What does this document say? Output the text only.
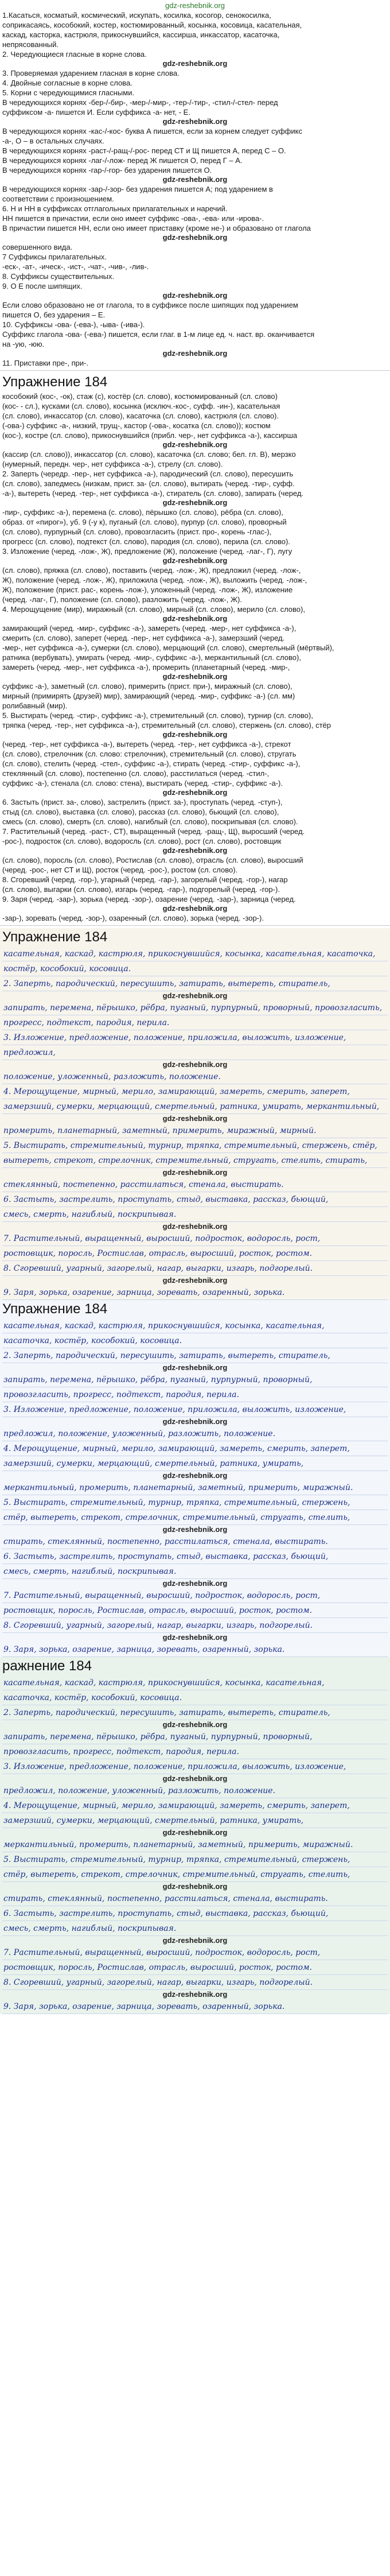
gdz-reshebnik.org

1.Касаться, косматый, космический, искупать, косилка, косогор, сенокосилка,

соприкасаясь, кособокий, костер, костюмированный, косынка, косовица, касательная,

каскад, касторка, кастрюля, прикоснувшийся, кассирша, инкассатор, касаточка,

непрясованный.

2. Чередующиеся гласные в корне слова.

gdz-reshebnik.org

3. Проверяемая ударением гласная в корне слова.

4. Двойные согласные в корне слова.

5. Корни с чередующимися гласными.

В чередующихся корнях -бер-/-бир-, -мер-/-мир-, -тер-/-тир-, -стил-/-стел- перед

суффиксом -а- пишется И. Если суффикса -а- нет, - Е.

gdz-reshebnik.org

В чередующихся корнях -кас-/-кос- буква А пишется, если за корнем следует суффикс

-а-, О – в остальных случаях.

В чередующихся корнях -раст-/-ращ-/-рос- перед СТ и Щ пишется А, перед С – О.

В чередующихся корнях -лаг-/-лож- перед Ж пишется О, перед Г – А.

В чередующихся корнях -гар-/-гор- без ударения пишется О.

gdz-reshebnik.org

В чередующихся корнях -зар-/-зор- без ударения пишется А; под ударением в

соответствии с произношением.

6. Н и НН в суффиксах отглагольных прилагательных и наречий.

НН пишется в причастии, если оно имеет суффикс -ова-, -ева- или -ирова-.

В причастии пишется НН, если оно имеет приставку (кроме не-) и образовано от глагола

gdz-reshebnik.org

совершенного вида.

7 Суффиксы прилагательных.

-еск-, -ат-, -ическ-, -ист-, -чат-, -чив-, -лив-.

8. Суффиксы существительных.

9. О Е после шипящих.

gdz-reshebnik.org

Если слово образовано не от глагола, то в суффиксе после шипящих под ударением

пишется О, без ударения – Е.

10. Суффиксы -ова- (-ева-), -ыва- (-ива-).

Суффикс глагола -ова- (-ева-) пишется, если глаг. в 1-м лице ед. ч. наст. вр. оканчивается

на -ую, -юю.

gdz-reshebnik.org

11. Приставки пре-, при-.

Упражнение 184

кособокий (кос-, -ок), стаж (с), костёр (сл. слово), костюмированный (сл. слово)

(кос- - сл.), кусками (сл. слово), косынка (исключ.-кос-, суфф. -ин-), касательная

(сл. слово), инкассатор (сл. слово), касаточка (сл. слово), кастрюля (сл. слово).

(-ова-) суффикс -а-, низкий, трущ-, кастор (-ова-, косатка (сл. слово)); костюм

(кос-), костре (сл. слово), прикоснувшийся (прибл. чер-, нет суффикса -а-), кассирша

gdz-reshebnik.org

(кассир (сл. слово)), инкассатор (сл. слово), касаточка (сл. слово; бел. гл. В), мерзко

(нумерный, передн. чер-, нет суффикса -а-), стрелу (сл. слово).

2. Заперть (чередр. -пер-, нет суффикса -а-), пародический (сл. слово), пересушить

(сл. слово), запедмесь (низкам, прист. за- (сл. слово), вытирать (черед. -тир-, суфф.

-а-), вытереть (черед. -тер-, нет суффикса -а-), стиратель (сл. слово), запирать (черед.

gdz-reshebnik.org

-пир-, суффикс -а-), перемена (с. слово), пёрышко (сл. слово), рёбра (сл. слово),

образ. от «пирог»), уб. 9 (-у к), пуганый (сл. слово), пурпур (сл. слово), проворный

(сл. слово), пурпурный (сл. слово), провозгласить (прист. про-, корень -глас-),

прогресс (сл. слово), подтекст (сл. слово), пародия (сл. слово), перила (сл. слово).

3. Изложение (черед. -лож-, Ж), предложение (Ж), положение (черед. -лаг-, Г), лугу

gdz-reshebnik.org

(сл. слово), пряжка (сл. слово), поставить (черед. -лож-, Ж), предложил (черед. -лож-,

Ж), положение (черед. -лож-, Ж), приложила (черед. -лож-, Ж), выложить (черед. -лож-,

Ж), положение (прист. рас-, корень -лож-), уложенный (черед. -лож-, Ж), изложение

(черед. -лаг-, Г), положение (сл. слово), разложить (черед. -лож-, Ж).

4. Мерощущение (мир), миражный (сл. слово), мирный (сл. слово), мерило (сл. слово),

gdz-reshebnik.org

замирающий (черед. -мир-, суффикс -а-), замереть (черед. -мер-, нет суффикса -а-),

смерить (сл. слово), заперет (черед. -пер-, нет суффикса -а-), замерзший (черед.

-мер-, нет суффикса -а-), сумерки (сл. слово), мерцающий (сл. слово), смертельный (мёртвый),

ратника (вербувать), умирать (черед. -мир-, суффикс -а-), меркантильный (сл. слово),

замереть (черед. -мер-, нет суффикса -а-), промерить (планетарный (черед. -мир-,

gdz-reshebnik.org

суффикс -а-), заметный (сл. слово), примерить (прист. при-), миражный (сл. слово),

мирный (примирять (друзей) мир), замирающий (черед. -мир-, суффикс -а-) (сл. мм)

ролибавный (мир).

5. Выстирать (черед. -стир-, суффикс -а-), стремительный (сл. слово), турнир (сл. слово),

тряпка (черед. -тер-, нет суффикса -а-), стремительный (сл. слово), стержень (сл. слово), стёр

gdz-reshebnik.org

(черед. -тер-, нет суффикса -а-), вытереть (черед. -тер-, нет суффикса -а-), стрекот

(сл. слово), стрелочник (сл. слово: стрелочник), стремительный (сл. слово), стругать

(сл. слово), стелить (черед. -стел-, суффикс -а-), стирать (черед. -стир-, суффикс -а-),

стеклянный (сл. слово), постепенно (сл. слово), расстилаться (черед. -стил-,

суффикс -а-), стенала (сл. слово: стена), выстирать (черед. -стир-, суффикс -а-).

gdz-reshebnik.org

6. Застыть (прист. за-, слово), застрелить (прист. за-), проступать (черед. -ступ-),

стыд (сл. слово), выставка (сл. слово), рассказ (сл. слово), бьющий (сл. слово),

смесь (сл. слово), смерть (сл. слово), нагиблый (сл. слово), поскрипывая (сл. слово).

7. Растительный (черед. -раст-, СТ), выращенный (черед. -ращ-, Щ), выросший (черед.

-рос-), подросток (сл. слово), водоросль (сл. слово), рост (сл. слово), ростовщик

gdz-reshebnik.org

(сл. слово), поросль (сл. слово), Ростислав (сл. слово), отрасль (сл. слово), выросший

(черед. -рос-, нет СТ и Щ), росток (черед. -рос-), ростом (сл. слово).

8. Сгоревший (черед. -гор-), угарный (черед. -гар-), загорелый (черед. -гор-), нагар

(сл. слово), выгарки (сл. слово), изгарь (черед. -гар-), подгорелый (черед. -гор-).

9. Заря (черед. -зар-), зорька (черед. -зор-), озарение (черед. -зар-), зарница (черед.

gdz-reshebnik.org

-зар-), зоревать (черед. -зор-), озаренный (сл. слово), зорька (черед. -зор-).

Упражнение 184

касательная, каскад, кастрюля, прикоснувшийся, косынка, касательная, касаточка,

костёр, кособокий, косовица.

2. Заперть, пародический, пересушить, затирать, вытереть, стиратель,

gdz-reshebnik.org

запирать, перемена, пёрышко, рёбра, пуганый, пурпурный, проворный, провозгласить,

прогресс, подтекст, пародия, перила.

3. Изложение, предложение, положение, приложила, выложить, изложение, предложил,

gdz-reshebnik.org

положение, уложенный, разложить, положение.

4. Мерощущение, мирный, мерило, замирающий, замереть, смерить, заперет,

замерзший, сумерки, мерцающий, смертельный, ратника, умирать, меркантильный,

gdz-reshebnik.org

промерить, планетарный, заметный, примерить, миражный, мирный.

5. Выстирать, стремительный, турнир, тряпка, стремительный, стержень, стёр,

вытереть, стрекот, стрелочник, стремительный, стругать, стелить, стирать,

gdz-reshebnik.org

стеклянный, постепенно, расстилаться, стенала, выстирать.

6. Застыть, застрелить, проступать, стыд, выставка, рассказ, бьющий,

смесь, смерть, нагиблый, поскрипывая.

gdz-reshebnik.org

7. Растительный, выращенный, выросший, подросток, водоросль, рост,

ростовщик, поросль, Ростислав, отрасль, выросший, росток, ростом.

8. Сгоревший, угарный, загорелый, нагар, выгарки, изгарь, подгорелый.

gdz-reshebnik.org

9. Заря, зорька, озарение, зарница, зоревать, озаренный, зорька.

Упражнение 184

касательная, каскад, кастрюля, прикоснувшийся, косынка, касательная,

касаточка, костёр, кособокий, косовица.

2. Заперть, пародический, пересушить, затирать, вытереть, стиратель,

gdz-reshebnik.org

запирать, перемена, пёрышко, рёбра, пуганый, пурпурный, проворный,

провозгласить, прогресс, подтекст, пародия, перила.

3. Изложение, предложение, положение, приложила, выложить, изложение,

gdz-reshebnik.org

предложил, положение, уложенный, разложить, положение.

4. Мерощущение, мирный, мерило, замирающий, замереть, смерить, заперет,

замерзший, сумерки, мерцающий, смертельный, ратника, умирать,

gdz-reshebnik.org

меркантильный, промерить, планетарный, заметный, примерить, миражный.

5. Выстирать, стремительный, турнир, тряпка, стремительный, стержень,

стёр, вытереть, стрекот, стрелочник, стремительный, стругать, стелить,

gdz-reshebnik.org

стирать, стеклянный, постепенно, расстилаться, стенала, выстирать.

6. Застыть, застрелить, проступать, стыд, выставка, рассказ, бьющий,

смесь, смерть, нагиблый, поскрипывая.

gdz-reshebnik.org

7. Растительный, выращенный, выросший, подросток, водоросль, рост,

ростовщик, поросль, Ростислав, отрасль, выросший, росток, ростом.

8. Сгоревший, угарный, загорелый, нагар, выгарки, изгарь, подгорелый.

gdz-reshebnik.org

9. Заря, зорька, озарение, зарница, зоревать, озаренный, зорька.

ражнение 184

касательная, каскад, кастрюля, прикоснувшийся, косынка, касательная,

касаточка, костёр, кособокий, косовица.

2. Заперть, пародический, пересушить, затирать, вытереть, стиратель,

gdz-reshebnik.org

запирать, перемена, пёрышко, рёбра, пуганый, пурпурный, проворный,

провозгласить, прогресс, подтекст, пародия, перила.

3. Изложение, предложение, положение, приложила, выложить, изложение,

gdz-reshebnik.org

предложил, положение, уложенный, разложить, положение.

4. Мерощущение, мирный, мерило, замирающий, замереть, смерить, заперет,

замерзший, сумерки, мерцающий, смертельный, ратника, умирать,

gdz-reshebnik.org

меркантильный, промерить, планетарный, заметный, примерить, миражный.

5. Выстирать, стремительный, турнир, тряпка, стремительный, стержень,

стёр, вытереть, стрекот, стрелочник, стремительный, стругать, стелить,

gdz-reshebnik.org

стирать, стеклянный, постепенно, расстилаться, стенала, выстирать.

6. Застыть, застрелить, проступать, стыд, выставка, рассказ, бьющий,

смесь, смерть, нагиблый, поскрипывая.

gdz-reshebnik.org

7. Растительный, выращенный, выросший, подросток, водоросль, рост,

ростовщик, поросль, Ростислав, отрасль, выросший, росток, ростом.

8. Сгоревший, угарный, загорелый, нагар, выгарки, изгарь, подгорелый.

gdz-reshebnik.org

9. Заря, зорька, озарение, зарница, зоревать, озаренный, зорька.
